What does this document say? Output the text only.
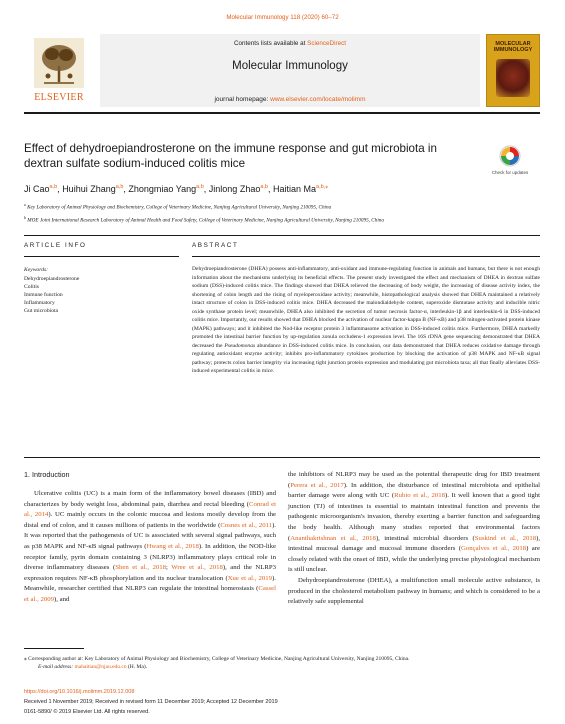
Molecular Immunology 118 (2020) 60–72
ELSEVIER
Contents lists available at ScienceDirect
Molecular Immunology
journal homepage: www.elsevier.com/locate/molimm
MOLECULAR IMMUNOLOGY
Effect of dehydroepiandrosterone on the immune response and gut microbiota in dextran sulfate sodium-induced colitis mice
Check for updates
Ji Cao$^{a,b}$, Huihui Zhang$^{a,b}$, Zhongmiao Yang$^{a,b}$, Jinlong Zhao$^{a,b}$, Haitian $Ma^{a,b,⁎}$
$^a$ Key Laboratory of Animal Physiology and Biochemistry, College of Veterinary Medicine, Nanjing Agricultural University, Nanjing 210095, China
$^b$ MOE Joint International Research Laboratory of Animal Health and Food Safety, College of Veterinary Medicine, Nanjing Agricultural University, Nanjing 210095, China
ARTICLE INFO	ABSTRACT
Keywords:
Dehydroepiandrosterone
Colitis
Immune function
Inflammatory
Gut microbiota

Dehydroepiandrosterone (DHEA) possess anti-inflammatory, anti-oxidant and immune-regulating function in animals and humans, but there is not enough information about the mechanisms underlying its beneficial effects. The present study investigated the effect and mechanism of DHEA in dextran sulfate sodium (DSS)-induced colitis mice. The findings showed that DHEA relieved the decreasing of body weight, the increasing of disease activity index, the shortening of colon length and the rising of myeloperoxidase activity; meanwhile, histopathological analysis showed that DHEA maintained a relatively intact structure of colon in DSS-induced colitis mice. DHEA decreased the malondialdehyde content, superoxide dismutase activity and inducible nitric oxide synthase protein level; meanwhile, DHEA also inhibited the secretion of tumor necrosis factor-α, interleukin-1β and interleukin-6 in DSS-induced colitis mice. Importantly, our results showed that DHEA blocked the activation of nuclear factor-kappa B (NF-κB) and p38 mitogen-activated protein kinase (MAPK) pathways; and it inhibited the Nod-like receptor protein 3 inflammasome activation in DSS-induced colitis mice. Furthermore, DHEA markedly promoted the intestinal barrier function by up-regulation zonula occludens-1 expression level. The 16S rDNA gene sequencing demonstrated that DHEA decreased the Pseudomonas abundance in DSS-induced colitis mice. In conclusion, our data demonstrated that DHEA reduces oxidative damage through regulating antioxidant enzyme activity; inhibits pro-inflammatory cytokines production by blocking the activation of p38 MAPK and NF-κB signal pathway; protects colon barrier integrity via increasing tight junction protein expression and modulating gut microbiota taxa; all that finally alleviates DSS-induced experimental colitis in mice.

1. Introduction

Ulcerative colitis (UC) is a main form of the inflammatory bowel diseases (IBD) and characterizes by body weight loss, abdominal pain, diarrhea and rectal bleeding (Conrad et al., 2014). UC mainly occurs in the colonic mucosa and lesions mostly develop from the distal end of colon, and it causes millions of patients in the worldwide (Cosnes et al., 2011). It was reported that the pathogenesis of UC is associated with several signal pathways, such as p38 MAPK and NF-κB signal pathways (Hwang et al., 2018). In addition, the NOD-like receptor family, pyrin domain containing 3 (NLRP3) inflammatory plays critical role in diverse inflammatory diseases (Shen et al., 2018; Wree et al., 2018), and the NLRP3 expression requires NF-κB phosphorylation and its nuclear translocation (Xue et al., 2019). Meanwhile, researcher certified that NLRP3 can regulate the intestinal homeostasis (Cassel et al., 2009), and

the inhibitors of NLRP3 may be used as the potential therapeutic drug for IBD treatment (Perera et al., 2017). In addition, the disturbance of intestinal microbiota and epithelial barrier damage were along with UC (Rubio et al., 2018). It well known that a good tight junction (TJ) of intestines is essential to maintain intestinal function and prevents the pathogenic microorganism's invasion, thereby exerting a barrier function and safeguarding the body health. Although many studies reported that environmental factors (Ananthakrishnan et al., 2018), intestinal microbial disorders (Suskind et al., 2018), intestinal mucosal damage and mucosal immune disorders (Gonçalves et al., 2018) are closely related with the onset of IBD, while the underlying precise physiological mechanism is still unclear.

Dehydroepiandrosterone (DHEA), a multifunction small molecule active substance, is produced in the cholesterol metabolism pathway in humans; and which is considered to be a relatively safe supplemental

⁎ Corresponding author at: Key Laboratory of Animal Physiology and Biochemistry, College of Veterinary Medicine, Nanjing Agricultural University, Nanjing 210095, China.
E-mail address: mahaitian@njau.edu.cn (H. Ma).
https://doi.org/10.1016/j.molimm.2019.12.008
Received 1 November 2019; Received in revised form 11 December 2019; Accepted 12 December 2019
0161-5890/ © 2019 Elsevier Ltd. All rights reserved.
